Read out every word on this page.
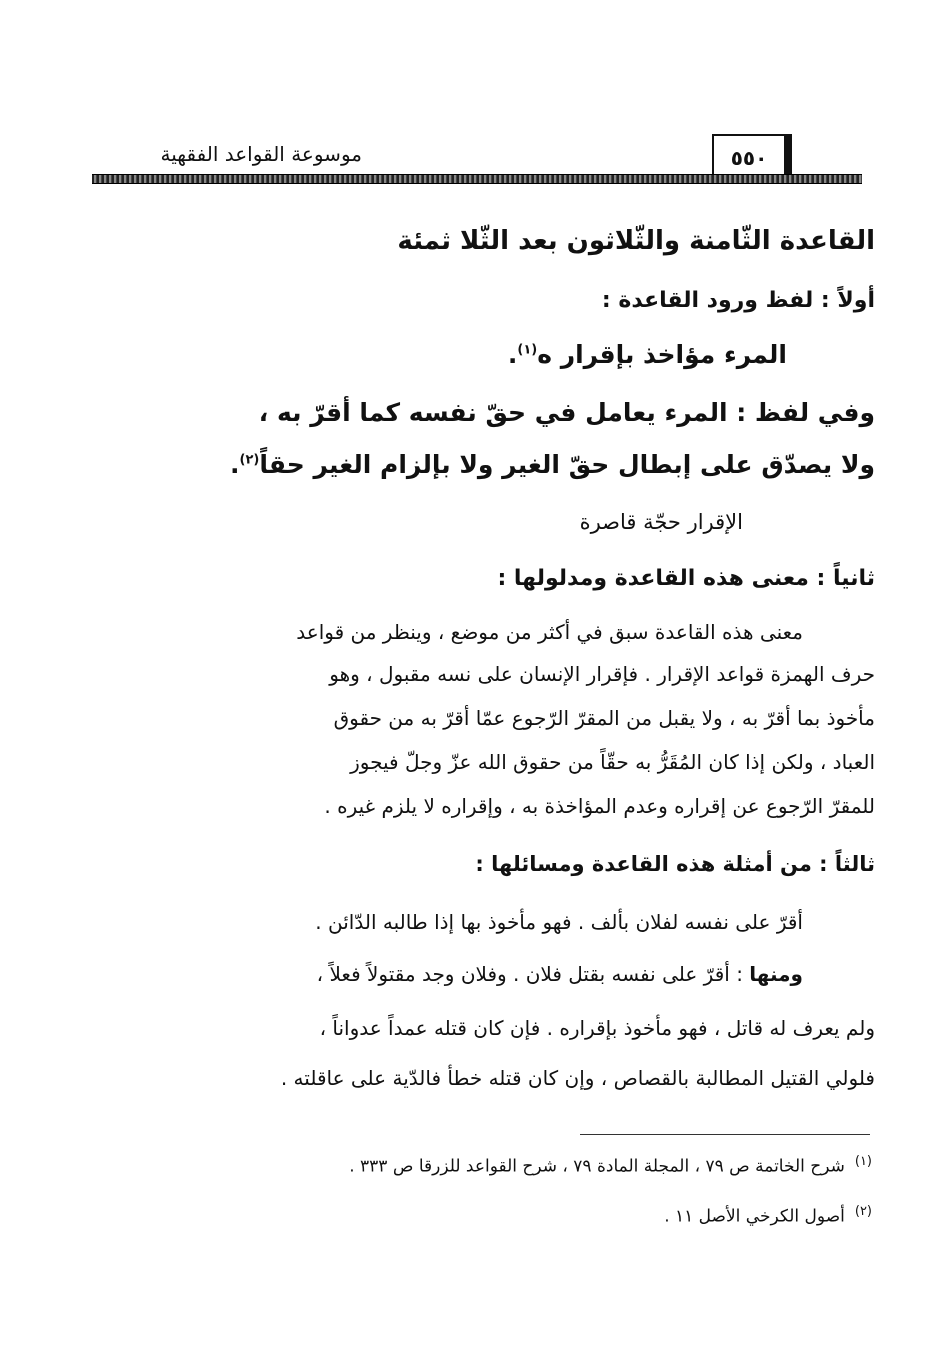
موسوعة القواعد الفقهية	٥٥٠
القاعدة الثّامنة والثّلاثون بعد الثّلا ثمئة
أولاً : لفظ ورود القاعدة :
المرء مؤاخذ بإقرار ه$^{(١)}$.
وفي لفظ : المرء يعامل في حقّ نفسه كما أقرّ به ،
ولا يصدّق على إبطال حقّ الغير ولا بإلزام الغير حقاً$^{(٢)}$.
الإقرار حجّة قاصرة
ثانياً : معنى هذه القاعدة ومدلولها :
معنى هذه القاعدة سبق في أكثر من موضع ، وينظر من قواعد
حرف الهمزة قواعد الإقرار . فإقرار الإنسان على نسه مقبول ، وهو
مأخوذ بما أقرّ به ، ولا يقبل من المقرّ الرّجوع عمّا أقرّ به من حقوق
العباد ، ولكن إذا كان المُقَرُّ به حقّاً من حقوق الله عزّ وجلّ فيجوز
للمقرّ الرّجوع عن إقراره وعدم المؤاخذة به ، وإقراره لا يلزم غيره .
ثالثاً : من أمثلة هذه القاعدة ومسائلها :
أقرّ على نفسه لفلان بألف . فهو مأخوذ بها إذا طالبه الدّائن .
ومنها : أقرّ على نفسه بقتل فلان . وفلان وجد مقتولاً فعلاً ،
ولم يعرف له قاتل ، فهو مأخوذ بإقراره . فإن كان قتله عمداً عدواناً ،
فلولي القتيل المطالبة بالقصاص ، وإن كان قتله خطأ فالدّية على عاقلته .
$^{(١)}$شرح الخاتمة ص ٧٩ ، المجلة المادة ٧٩ ، شرح القواعد للزرقا ص ٣٣٣ .
$^{(٢)}$أصول الكرخي الأصل ١١ .
